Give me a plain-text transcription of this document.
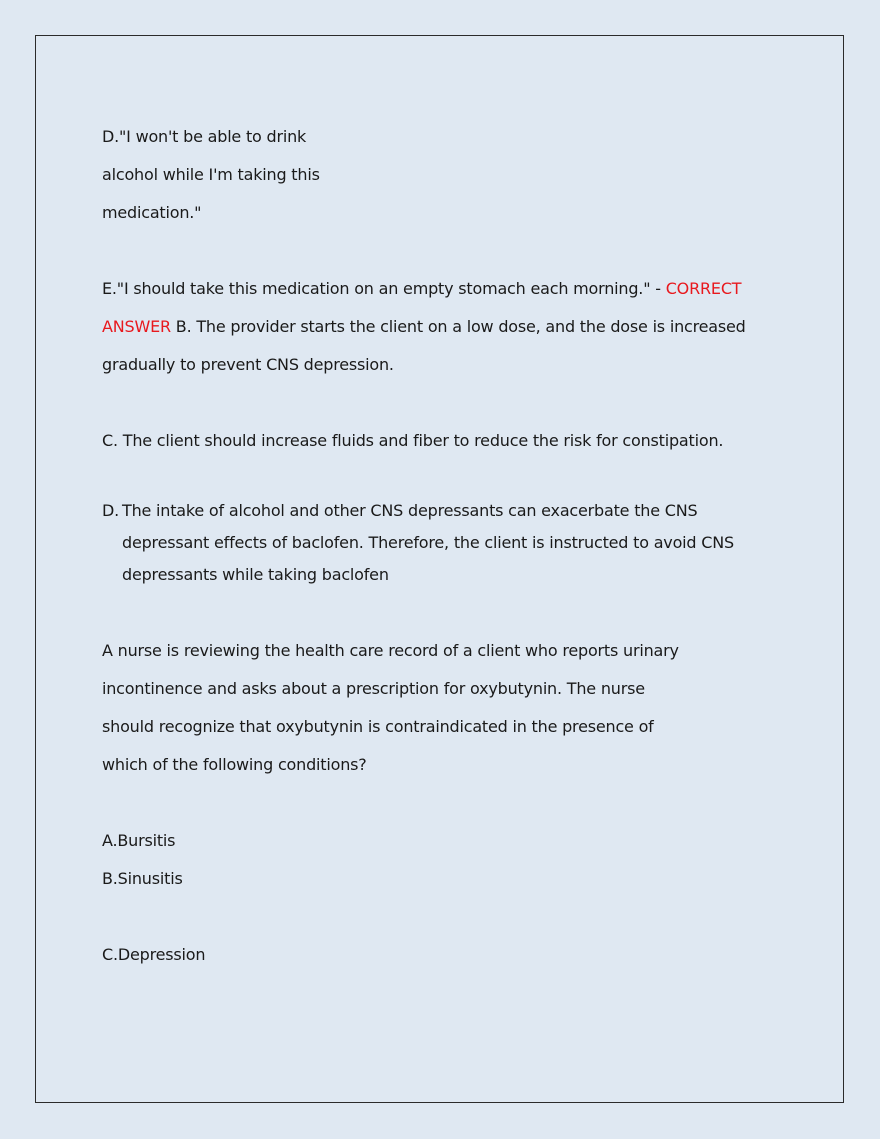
D."I won't be able to drink
alcohol while I'm taking this
medication."
E."I should take this medication on an empty stomach each morning." - CORRECT
ANSWER B. The provider starts the client on a low dose, and the dose is increased
gradually to prevent CNS depression.
C. The client should increase fluids and fiber to reduce the risk for constipation.
D. The intake of alcohol and other CNS depressants can exacerbate the CNS depressant effects of baclofen. Therefore, the client is instructed to avoid CNS depressants while taking baclofen
A nurse is reviewing the health care record of a client who reports urinary
incontinence and asks about a prescription for oxybutynin. The nurse
should recognize that oxybutynin is contraindicated in the presence of
which of the following conditions?
A.Bursitis
B.Sinusitis
C.Depression
